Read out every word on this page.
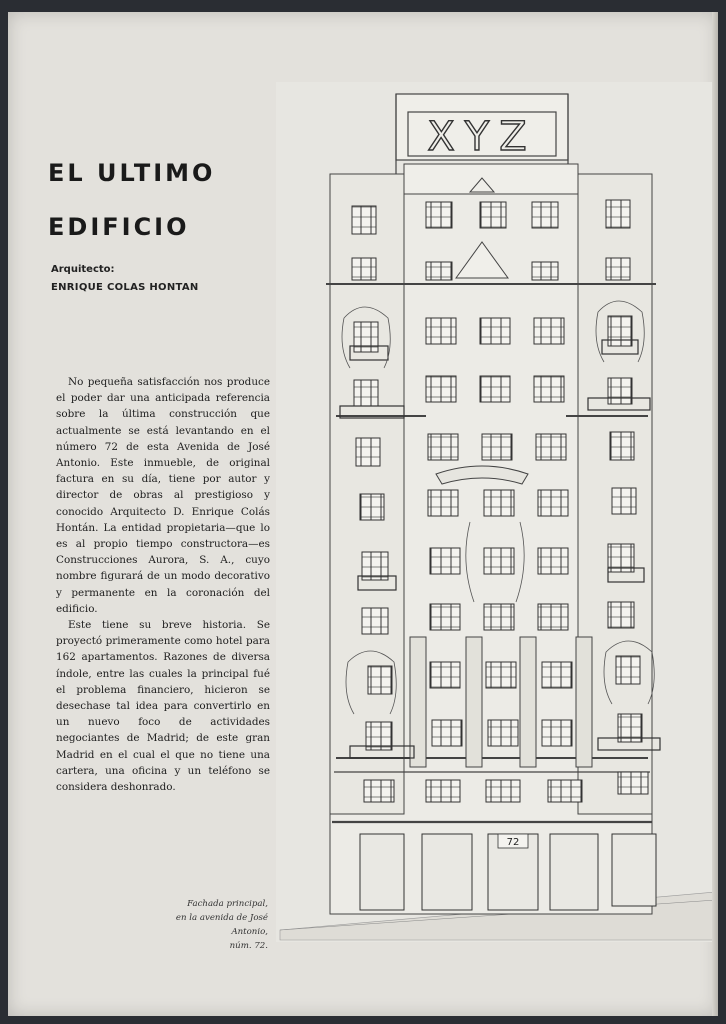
EL ULTIMO
EDIFICIO
Arquitecto:
ENRIQUE COLAS HONTAN

No pequeña satisfacción nos produce el poder dar una anticipada referencia sobre la última construcción que actualmente se está levantando en el número 72 de esta Avenida de José Antonio. Este inmueble, de original factura en su día, tiene por autor y director de obras al prestigioso y conocido Arquitecto D. Enrique Colás Hontán. La entidad propietaria—que lo es al propio tiempo constructora—es Construcciones Aurora, S. A., cuyo nombre figurará de un modo decorativo y permanente en la coronación del edificio.

Este tiene su breve historia. Se proyectó primeramente como hotel para 162 apartamentos. Razones de diversa índole, entre las cuales la principal fué el problema financiero, hicieron se desechase tal idea para convertirlo en un nuevo foco de actividades negociantes de Madrid; de este gran Madrid en el cual el que no tiene una cartera, una oficina y un teléfono se considera deshonrado.

Fachada principal,
en la avenida de José Antonio,
núm. 72.
XYZ
72
